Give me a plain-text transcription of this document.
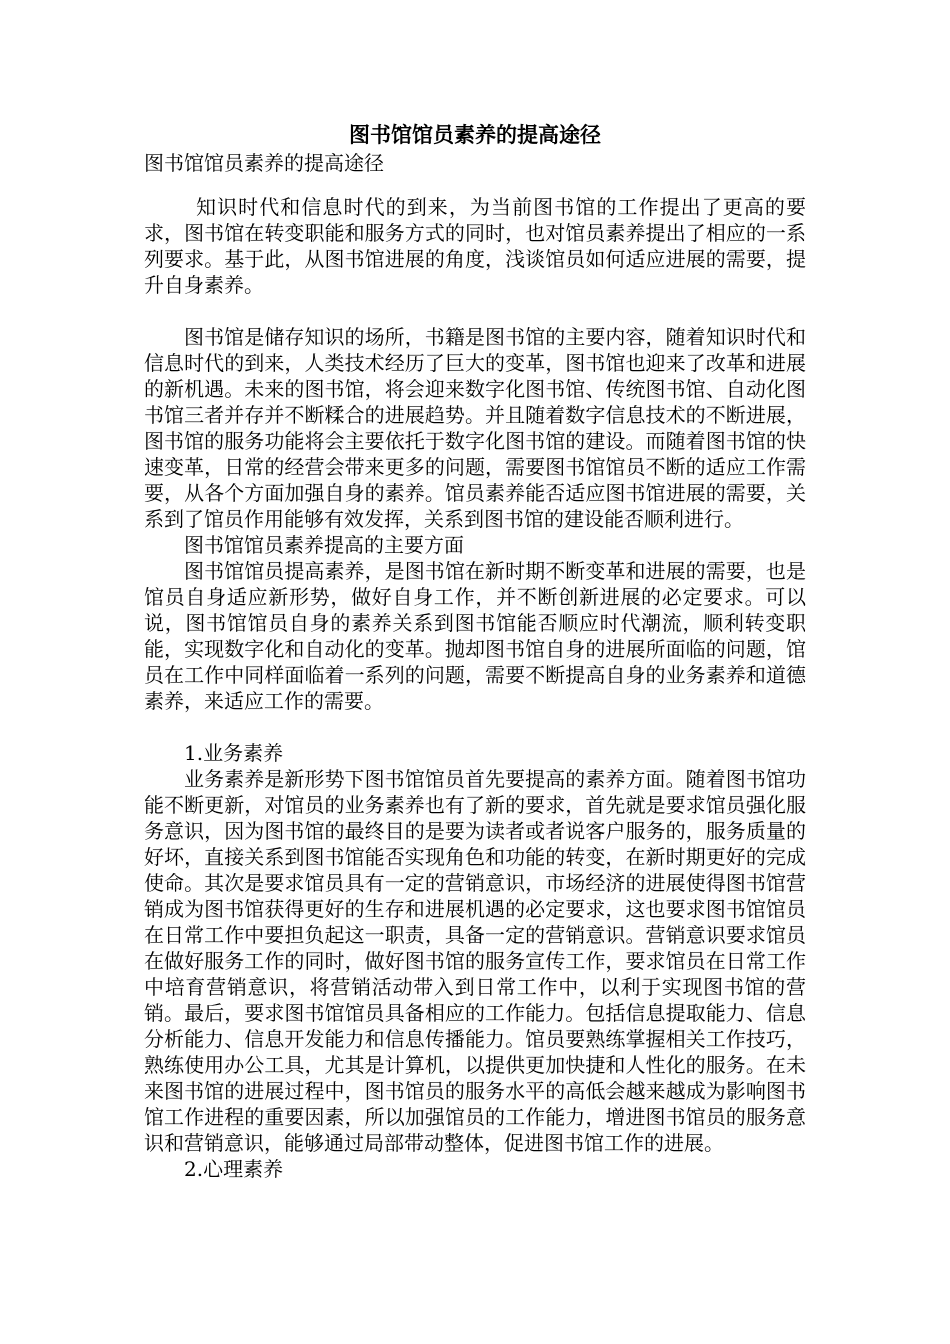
图书馆馆员素养的提高途径

图书馆馆员素养的提高途径

知识时代和信息时代的到来，为当前图书馆的工作提出了更高的要求，图书馆在转变职能和服务方式的同时，也对馆员素养提出了相应的一系列要求。基于此，从图书馆进展的角度，浅谈馆员如何适应进展的需要，提升自身素养。

图书馆是储存知识的场所，书籍是图书馆的主要内容，随着知识时代和信息时代的到来，人类技术经历了巨大的变革，图书馆也迎来了改革和进展的新机遇。未来的图书馆，将会迎来数字化图书馆、传统图书馆、自动化图书馆三者并存并不断糅合的进展趋势。并且随着数字信息技术的不断进展，图书馆的服务功能将会主要依托于数字化图书馆的建设。而随着图书馆的快速变革，日常的经营会带来更多的问题，需要图书馆馆员不断的适应工作需要，从各个方面加强自身的素养。馆员素养能否适应图书馆进展的需要，关系到了馆员作用能够有效发挥，关系到图书馆的建设能否顺利进行。

图书馆馆员素养提高的主要方面

图书馆馆员提高素养，是图书馆在新时期不断变革和进展的需要，也是馆员自身适应新形势，做好自身工作，并不断创新进展的必定要求。可以说，图书馆馆员自身的素养关系到图书馆能否顺应时代潮流，顺利转变职能，实现数字化和自动化的变革。抛却图书馆自身的进展所面临的问题，馆员在工作中同样面临着一系列的问题，需要不断提高自身的业务素养和道德素养，来适应工作的需要。

1.业务素养

业务素养是新形势下图书馆馆员首先要提高的素养方面。随着图书馆功能不断更新，对馆员的业务素养也有了新的要求，首先就是要求馆员强化服务意识，因为图书馆的最终目的是要为读者或者说客户服务的，服务质量的好坏，直接关系到图书馆能否实现角色和功能的转变，在新时期更好的完成使命。其次是要求馆员具有一定的营销意识，市场经济的进展使得图书馆营销成为图书馆获得更好的生存和进展机遇的必定要求，这也要求图书馆馆员在日常工作中要担负起这一职责，具备一定的营销意识。营销意识要求馆员在做好服务工作的同时，做好图书馆的服务宣传工作，要求馆员在日常工作中培育营销意识，将营销活动带入到日常工作中，以利于实现图书馆的营销。最后，要求图书馆馆员具备相应的工作能力。包括信息提取能力、信息分析能力、信息开发能力和信息传播能力。馆员要熟练掌握相关工作技巧，熟练使用办公工具，尤其是计算机，以提供更加快捷和人性化的服务。在未来图书馆的进展过程中，图书馆员的服务水平的高低会越来越成为影响图书馆工作进程的重要因素，所以加强馆员的工作能力，增进图书馆员的服务意识和营销意识，能够通过局部带动整体，促进图书馆工作的进展。

2.心理素养
